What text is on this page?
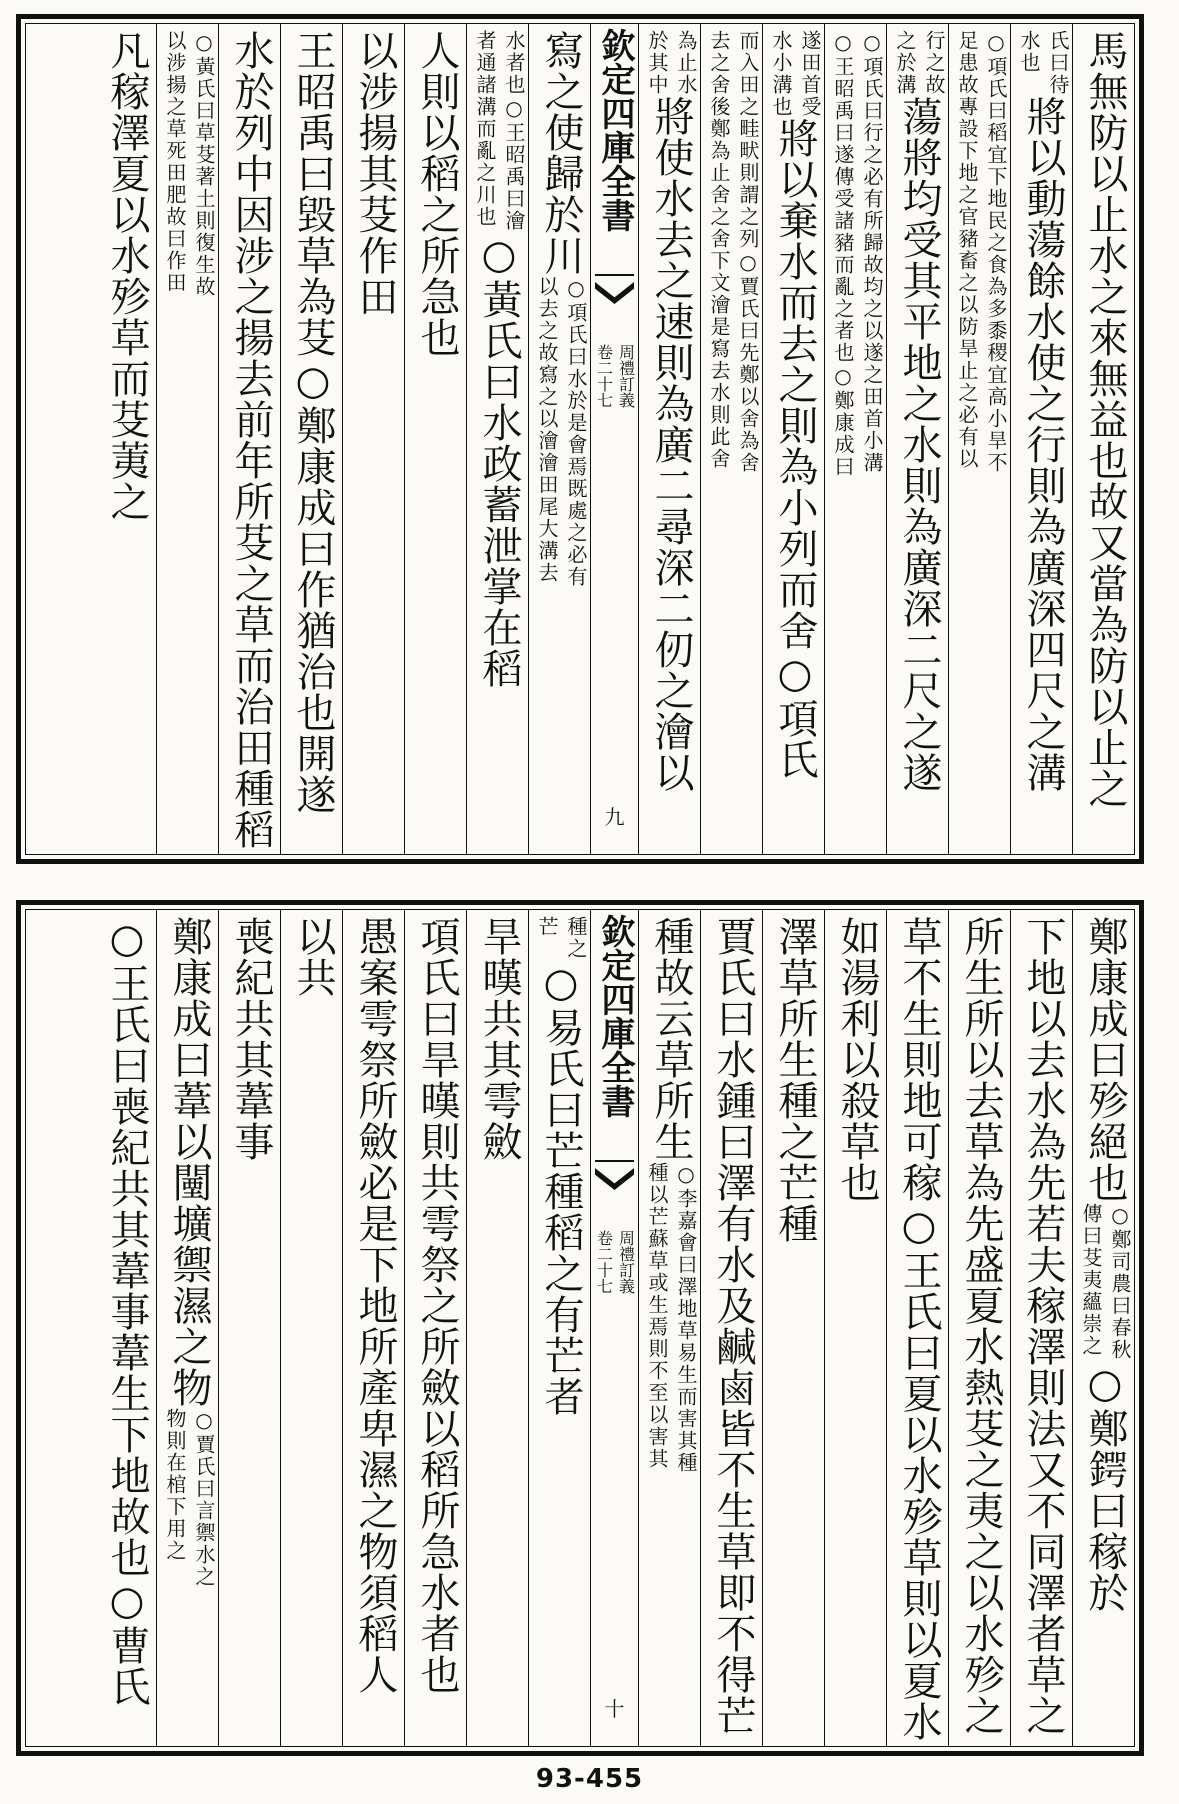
馬無防以止水之來無益也故又當為防以止之
氏曰待
水也
將以動蕩餘水使之行則為廣深四尺之溝
○項氏曰稻宜下地民之食為多黍稷宜高小旱不
足患故專設下地之官豬畜之以防旱止之必有以
行之故
之於溝
蕩將均受其平地之水則為廣深二尺之遂
○項氏曰行之必有所歸故均之以遂之田首小溝
○王昭禹曰遂傳受諸豬而亂之者也○鄭康成曰
遂田首受
水小溝也
將以棄水而去之則為小列而舍○項氏
而入田之畦畎則謂之列○賈氏曰先鄭以舍為舍
去之舍後鄭為止舍之舍下文澮是寫去水則此舍
為止水
於其中
將使水去之速則為廣二尋深二仞之澮以
欽定四庫全書
周禮訂義
卷二十七
九
寫之使歸於川
○項氏曰水於是會焉既處之必有
以去之故寫之以澮澮田尾大溝去
水者也○王昭禹曰澮
者通諸溝而亂之川也
○黃氏曰水政蓄泄掌在稻
人則以稻之所急也
以涉揚其芟作田
王昭禹曰毀草為芟○鄭康成曰作猶治也開遂
水於列中因涉之揚去前年所芟之草而治田種稻
○黃氏曰草芟著土則復生故
以涉揚之草死田肥故曰作田
凡稼澤夏以水殄草而芟荑之
鄭康成曰殄絕也
○鄭司農曰春秋
傳曰芟夷蘊崇之
○鄭鍔曰稼於
下地以去水為先若夫稼澤則法又不同澤者草之
所生所以去草為先盛夏水熱芟之夷之以水殄之
草不生則地可稼○王氏曰夏以水殄草則以夏水
如湯利以殺草也
澤草所生種之芒種
賈氏曰水鍾曰澤有水及鹹鹵皆不生草即不得芒
種故云草所生
○李嘉會曰澤地草易生而害其種
種以芒蘇草或生焉則不至以害其
欽定四庫全書
周禮訂義
卷二十七
十
種之
芒
○易氏曰芒種稻之有芒者
旱暵共其雩斂
項氏曰旱暵則共雩祭之所斂以稻所急水者也
愚案雩祭所斂必是下地所產卑濕之物須稻人
以共
喪紀共其葦事
鄭康成曰葦以闉壙禦濕之物
○賈氏曰言禦水之
物則在棺下用之
○王氏曰喪紀共其葦事葦生下地故也○曹氏
93-455
